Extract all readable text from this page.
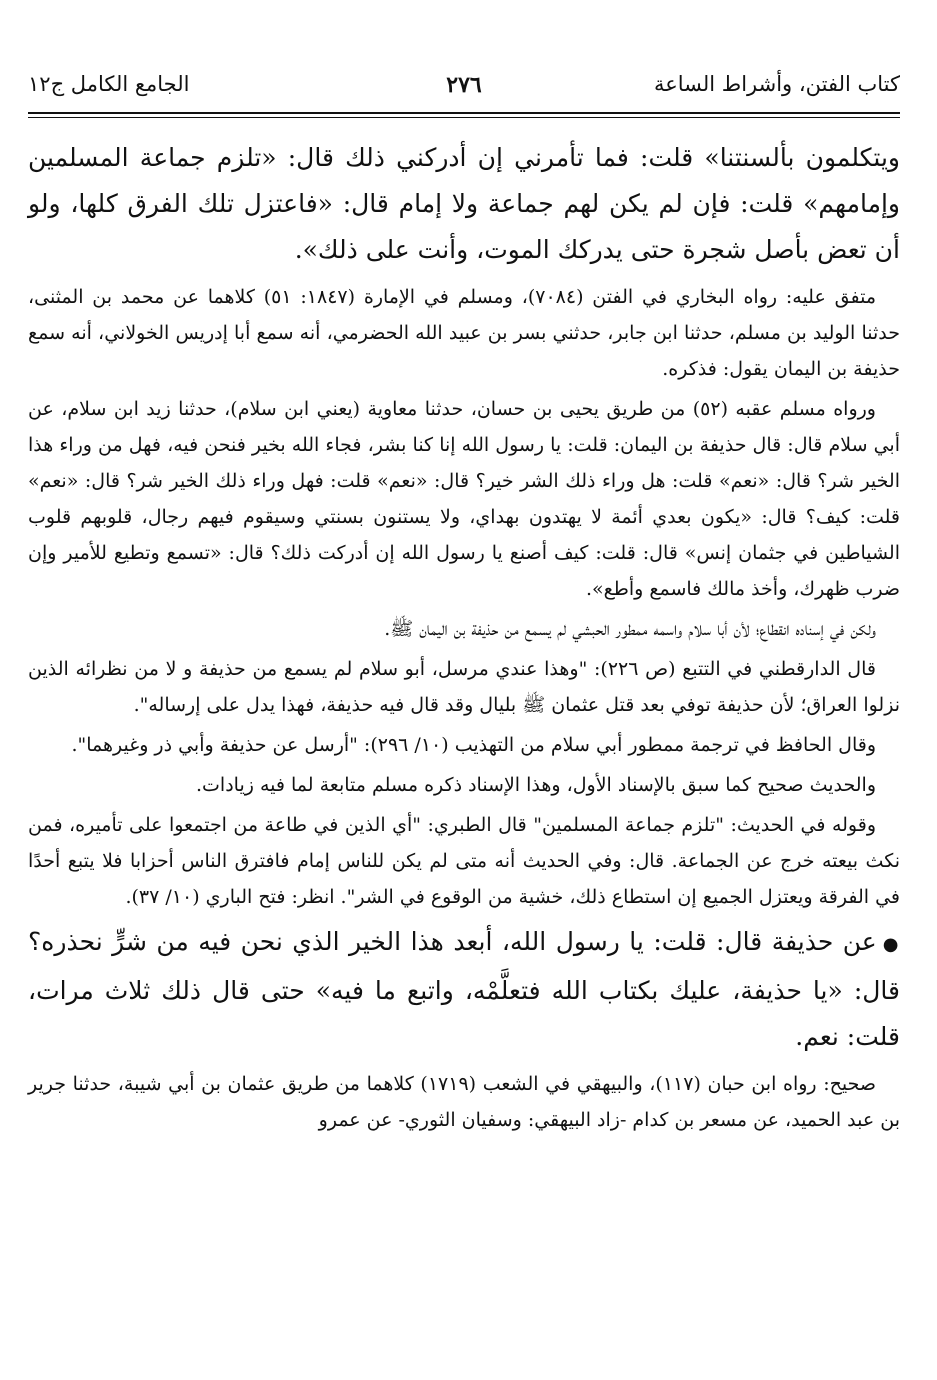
كتاب الفتن، وأشراط الساعة
٢٧٦
الجامع الكامل ج١٢

ويتكلمون بألسنتنا» قلت: فما تأمرني إن أدركني ذلك قال: «تلزم جماعة المسلمين وإمامهم» قلت: فإن لم يكن لهم جماعة ولا إمام قال: «فاعتزل تلك الفرق كلها، ولو أن تعض بأصل شجرة حتى يدركك الموت، وأنت على ذلك».

متفق عليه: رواه البخاري في الفتن (٧٠٨٤)، ومسلم في الإمارة (١٨٤٧: ٥١) كلاهما عن محمد بن المثنى، حدثنا الوليد بن مسلم، حدثنا ابن جابر، حدثني بسر بن عبيد الله الحضرمي، أنه سمع أبا إدريس الخولاني، أنه سمع حذيفة بن اليمان يقول: فذكره.

ورواه مسلم عقبه (٥٢) من طريق يحيى بن حسان، حدثنا معاوية (يعني ابن سلام)، حدثنا زيد ابن سلام، عن أبي سلام قال: قال حذيفة بن اليمان: قلت: يا رسول الله إنا كنا بشر، فجاء الله بخير فنحن فيه، فهل من وراء هذا الخير شر؟ قال: «نعم» قلت: هل وراء ذلك الشر خير؟ قال: «نعم» قلت: فهل وراء ذلك الخير شر؟ قال: «نعم» قلت: كيف؟ قال: «يكون بعدي أئمة لا يهتدون بهداي، ولا يستنون بسنتي وسيقوم فيهم رجال، قلوبهم قلوب الشياطين في جثمان إنس» قال: قلت: كيف أصنع يا رسول الله إن أدركت ذلك؟ قال: «تسمع وتطيع للأمير وإن ضرب ظهرك، وأخذ مالك فاسمع وأطع».

ولكن في إسناده انقطاع؛ لأن أبا سلام واسمه ممطور الحبشي لم يسمع من حذيفة بن اليمان ﷺ.

قال الدارقطني في التتبع (ص ٢٢٦): "وهذا عندي مرسل، أبو سلام لم يسمع من حذيفة و لا من نظرائه الذين نزلوا العراق؛ لأن حذيفة توفي بعد قتل عثمان ﷺ بليال وقد قال فيه حذيفة، فهذا يدل على إرساله".

وقال الحافظ في ترجمة ممطور أبي سلام من التهذيب (١٠/ ٢٩٦): "أرسل عن حذيفة وأبي ذر وغيرهما".

والحديث صحيح كما سبق بالإسناد الأول، وهذا الإسناد ذكره مسلم متابعة لما فيه زيادات.

وقوله في الحديث: "تلزم جماعة المسلمين" قال الطبري: "أي الذين في طاعة من اجتمعوا على تأميره، فمن نكث بيعته خرج عن الجماعة. قال: وفي الحديث أنه متى لم يكن للناس إمام فافترق الناس أحزابا فلا يتبع أحدًا في الفرقة ويعتزل الجميع إن استطاع ذلك، خشية من الوقوع في الشر". انظر: فتح الباري (١٠/ ٣٧).

●عن حذيفة قال: قلت: يا رسول الله، أبعد هذا الخير الذي نحن فيه من شرٍّ نحذره؟ قال: «يا حذيفة، عليك بكتاب الله فتعلَّمْه، واتبع ما فيه» حتى قال ذلك ثلاث مرات، قلت: نعم.

صحيح: رواه ابن حبان (١١٧)، والبيهقي في الشعب (١٧١٩) كلاهما من طريق عثمان بن أبي شيبة، حدثنا جرير بن عبد الحميد، عن مسعر بن كدام -زاد البيهقي: وسفيان الثوري- عن عمرو
